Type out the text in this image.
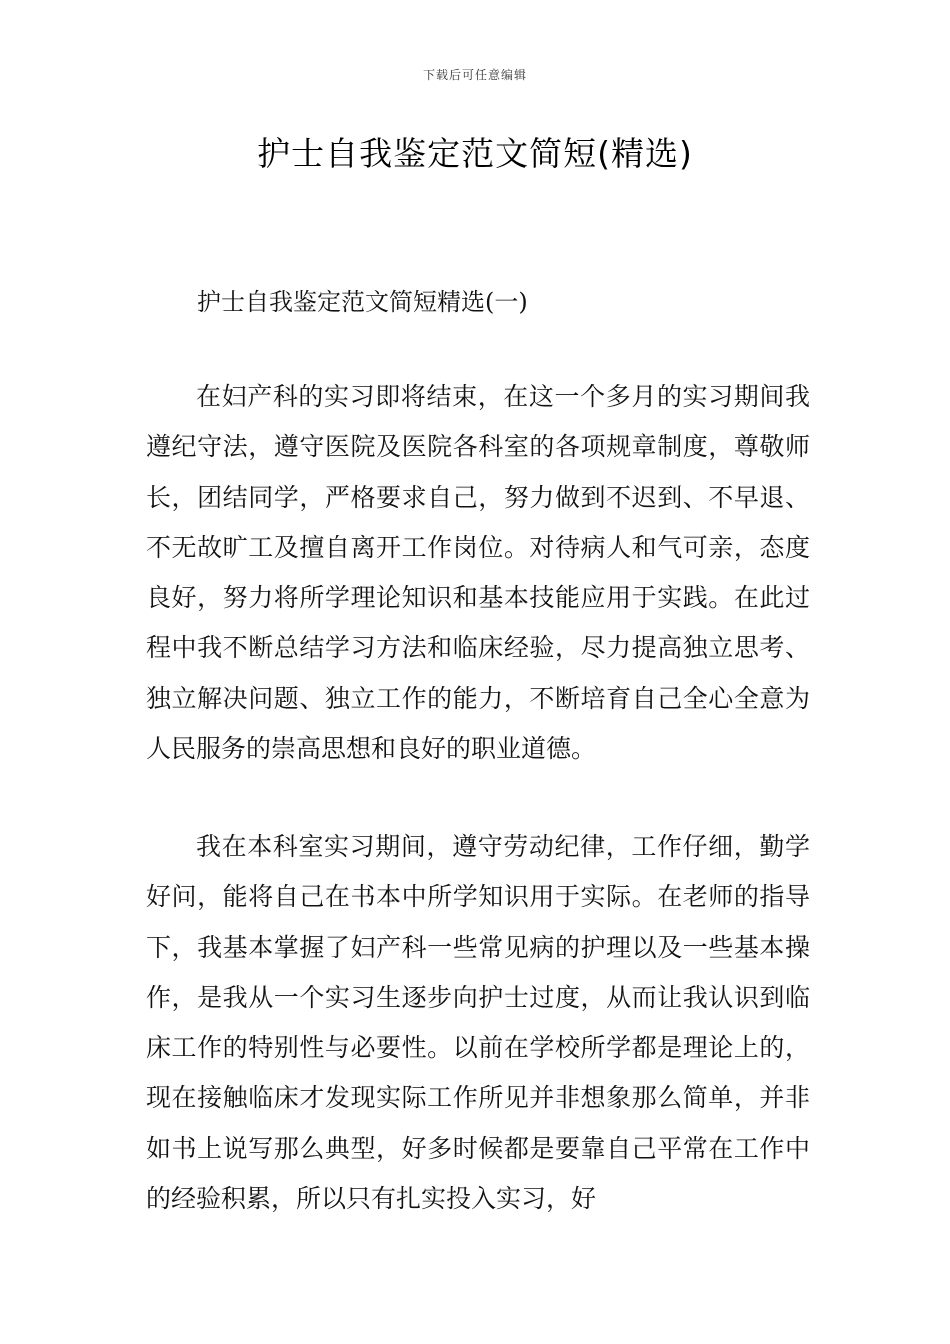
下载后可任意编辑
护士自我鉴定范文简短(精选)
护士自我鉴定范文简短精选(一)
在妇产科的实习即将结束，在这一个多月的实习期间我遵纪守法，遵守医院及医院各科室的各项规章制度，尊敬师长，团结同学，严格要求自己，努力做到不迟到、不早退、不无故旷工及擅自离开工作岗位。对待病人和气可亲，态度良好，努力将所学理论知识和基本技能应用于实践。在此过程中我不断总结学习方法和临床经验，尽力提高独立思考、独立解决问题、独立工作的能力，不断培育自己全心全意为人民服务的崇高思想和良好的职业道德。
我在本科室实习期间，遵守劳动纪律，工作仔细，勤学好问，能将自己在书本中所学知识用于实际。在老师的指导下，我基本掌握了妇产科一些常见病的护理以及一些基本操作，是我从一个实习生逐步向护士过度，从而让我认识到临床工作的特别性与必要性。以前在学校所学都是理论上的，现在接触临床才发现实际工作所见并非想象那么简单，并非如书上说写那么典型，好多时候都是要靠自己平常在工作中的经验积累，所以只有扎实投入实习，好
